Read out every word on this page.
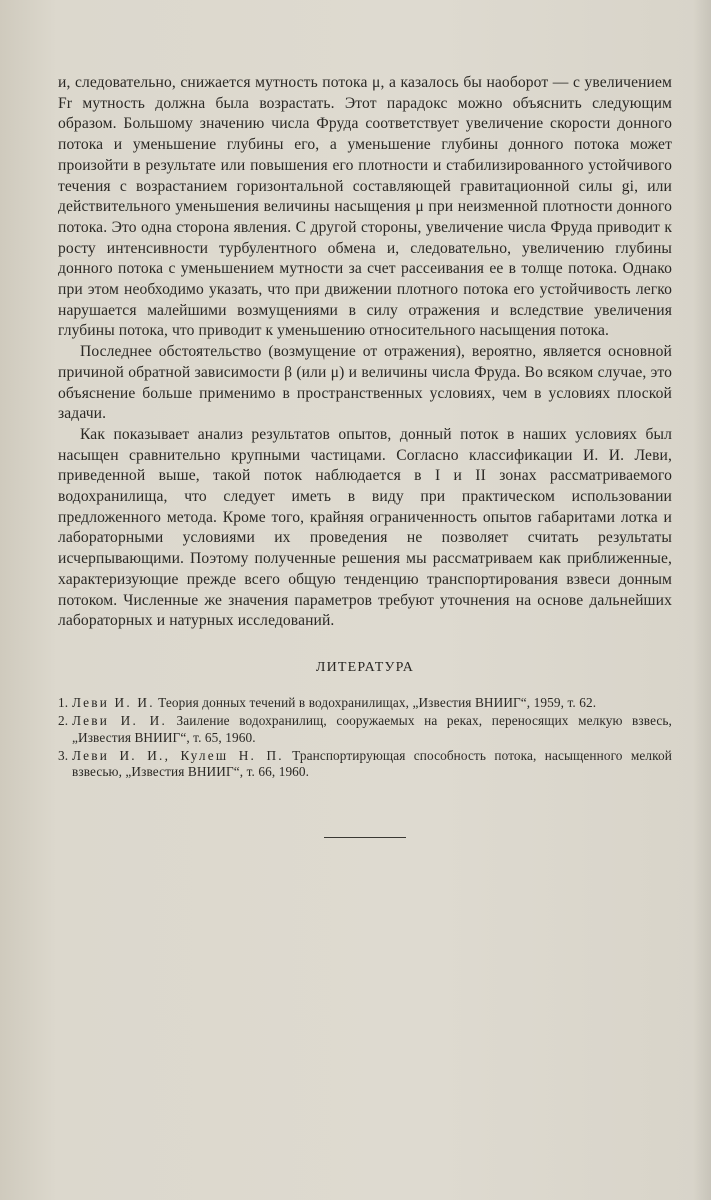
и, следовательно, снижается мутность потока μ, а казалось бы наоборот — с увеличением Fr мутность должна была возрастать. Этот парадокс можно объяснить следующим образом. Большому значению числа Фруда соответствует увеличение скорости донного потока и уменьшение глубины его, а уменьшение глубины донного потока может произойти в результате или повышения его плотности и стабилизированного устойчивого течения с возрастанием горизонтальной составляющей гравитационной силы gi, или действительного уменьшения величины насыщения μ при неизменной плотности донного потока. Это одна сторона явления. С другой стороны, увеличение числа Фруда приводит к росту интенсивности турбулентного обмена и, следовательно, увеличению глубины донного потока с уменьшением мутности за счет рассеивания ее в толще потока. Однако при этом необходимо указать, что при движении плотного потока его устойчивость легко нарушается малейшими возмущениями в силу отражения и вследствие увеличения глубины потока, что приводит к уменьшению относительного насыщения потока.

Последнее обстоятельство (возмущение от отражения), вероятно, является основной причиной обратной зависимости β (или μ) и величины числа Фруда. Во всяком случае, это объяснение больше применимо в пространственных условиях, чем в условиях плоской задачи.

Как показывает анализ результатов опытов, донный поток в наших условиях был насыщен сравнительно крупными частицами. Согласно классификации И. И. Леви, приведенной выше, такой поток наблюдается в I и II зонах рассматриваемого водохранилища, что следует иметь в виду при практическом использовании предложенного метода. Кроме того, крайняя ограниченность опытов габаритами лотка и лабораторными условиями их проведения не позволяет считать результаты исчерпывающими. Поэтому полученные решения мы рассматриваем как приближенные, характеризующие прежде всего общую тенденцию транспортирования взвеси донным потоком. Численные же значения параметров требуют уточнения на основе дальнейших лабораторных и натурных исследований.

ЛИТЕРАТУРА
1. Леви И. И. Теория донных течений в водохранилищах, „Известия ВНИИГ“, 1959, т. 62.
2. Леви И. И. Заиление водохранилищ, сооружаемых на реках, переносящих мелкую взвесь, „Известия ВНИИГ“, т. 65, 1960.
3. Леви И. И., Кулеш Н. П. Транспортирующая способность потока, насыщенного мелкой взвесью, „Известия ВНИИГ“, т. 66, 1960.
